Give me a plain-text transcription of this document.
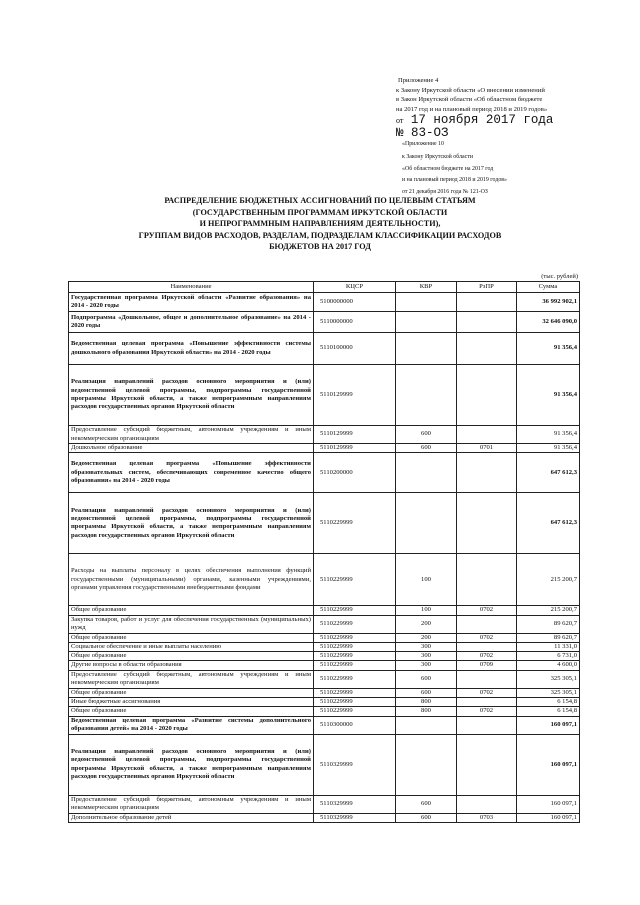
Приложение 4
к Закону Иркутской области «О внесении изменений
в Закон Иркутской области «Об областном бюджете
на 2017 год и на плановый период 2018 и 2019 годов»
от 17 ноября 2017 года
№ 83-ОЗ
«Приложение 10
к Закону Иркутской области
«Об областном бюджете на 2017 год
и на плановый период 2018 и 2019 годов»
от 21 декабря 2016 года № 121-ОЗ
РАСПРЕДЕЛЕНИЕ БЮДЖЕТНЫХ АССИГНОВАНИЙ ПО ЦЕЛЕВЫМ СТАТЬЯМ
(ГОСУДАРСТВЕННЫМ ПРОГРАММАМ ИРКУТСКОЙ ОБЛАСТИ
И НЕПРОГРАММНЫМ НАПРАВЛЕНИЯМ ДЕЯТЕЛЬНОСТИ),
ГРУППАМ ВИДОВ РАСХОДОВ, РАЗДЕЛАМ, ПОДРАЗДЕЛАМ КЛАССИФИКАЦИИ РАСХОДОВ
БЮДЖЕТОВ НА 2017 ГОД
(тыс. рублей)
Наименование	КЦСР	КВР	РзПР	Сумма
Государственная программа Иркутской области «Развитие образования» на 2014 - 2020 годы	5100000000			36 992 902,1
Подпрограмма «Дошкольное, общее и дополнительное образование» на 2014 - 2020 годы	5110000000			32 646 090,0
Ведомственная целевая программа «Повышение эффективности системы дошкольного образования Иркутской области» на 2014 - 2020 годы	5110100000			91 356,4
Реализация направлений расходов основного мероприятия и (или) ведомственной целевой программы, подпрограммы государственной программы Иркутской области, а также непрограммным направлениям расходов государственных органов Иркутской области	5110129999			91 356,4
Предоставление субсидий бюджетным, автономным учреждениям и иным некоммерческим организациям	5110129999	600		91 356,4
Дошкольное образование	5110129999	600	0701	91 356,4
Ведомственная целевая программа «Повышение эффективности образовательных систем, обеспечивающих современное качество общего образования» на 2014 - 2020 годы	5110200000			647 612,3
Реализация направлений расходов основного мероприятия и (или) ведомственной целевой программы, подпрограммы государственной программы Иркутской области, а также непрограммным направлениям расходов государственных органов Иркутской области	5110229999			647 612,3
Расходы на выплаты персоналу в целях обеспечения выполнения функций государственными (муниципальными) органами, казенными учреждениями, органами управления государственными внебюджетными фондами	5110229999	100		215 200,7
Общее образование	5110229999	100	0702	215 200,7
Закупка товаров, работ и услуг для обеспечения государственных (муниципальных) нужд	5110229999	200		89 620,7
Общее образование	5110229999	200	0702	89 620,7
Социальное обеспечение и иные выплаты населению	5110229999	300		11 331,0
Общее образование	5110229999	300	0702	6 731,0
Другие вопросы в области образования	5110229999	300	0709	4 600,0
Предоставление субсидий бюджетным, автономным учреждениям и иным некоммерческим организациям	5110229999	600		325 305,1
Общее образование	5110229999	600	0702	325 305,1
Иные бюджетные ассигнования	5110229999	800		6 154,8
Общее образование	5110229999	800	0702	6 154,8
Ведомственная целевая программа «Развитие системы дополнительного образования детей» на 2014 - 2020 годы	5110300000			160 097,1
Реализация направлений расходов основного мероприятия и (или) ведомственной целевой программы, подпрограммы государственной программы Иркутской области, а также непрограммным направлениям расходов государственных органов Иркутской области	5110329999			160 097,1
Предоставление субсидий бюджетным, автономным учреждениям и иным некоммерческим организациям	5110329999	600		160 097,1
Дополнительное образование детей	5110329999	600	0703	160 097,1
